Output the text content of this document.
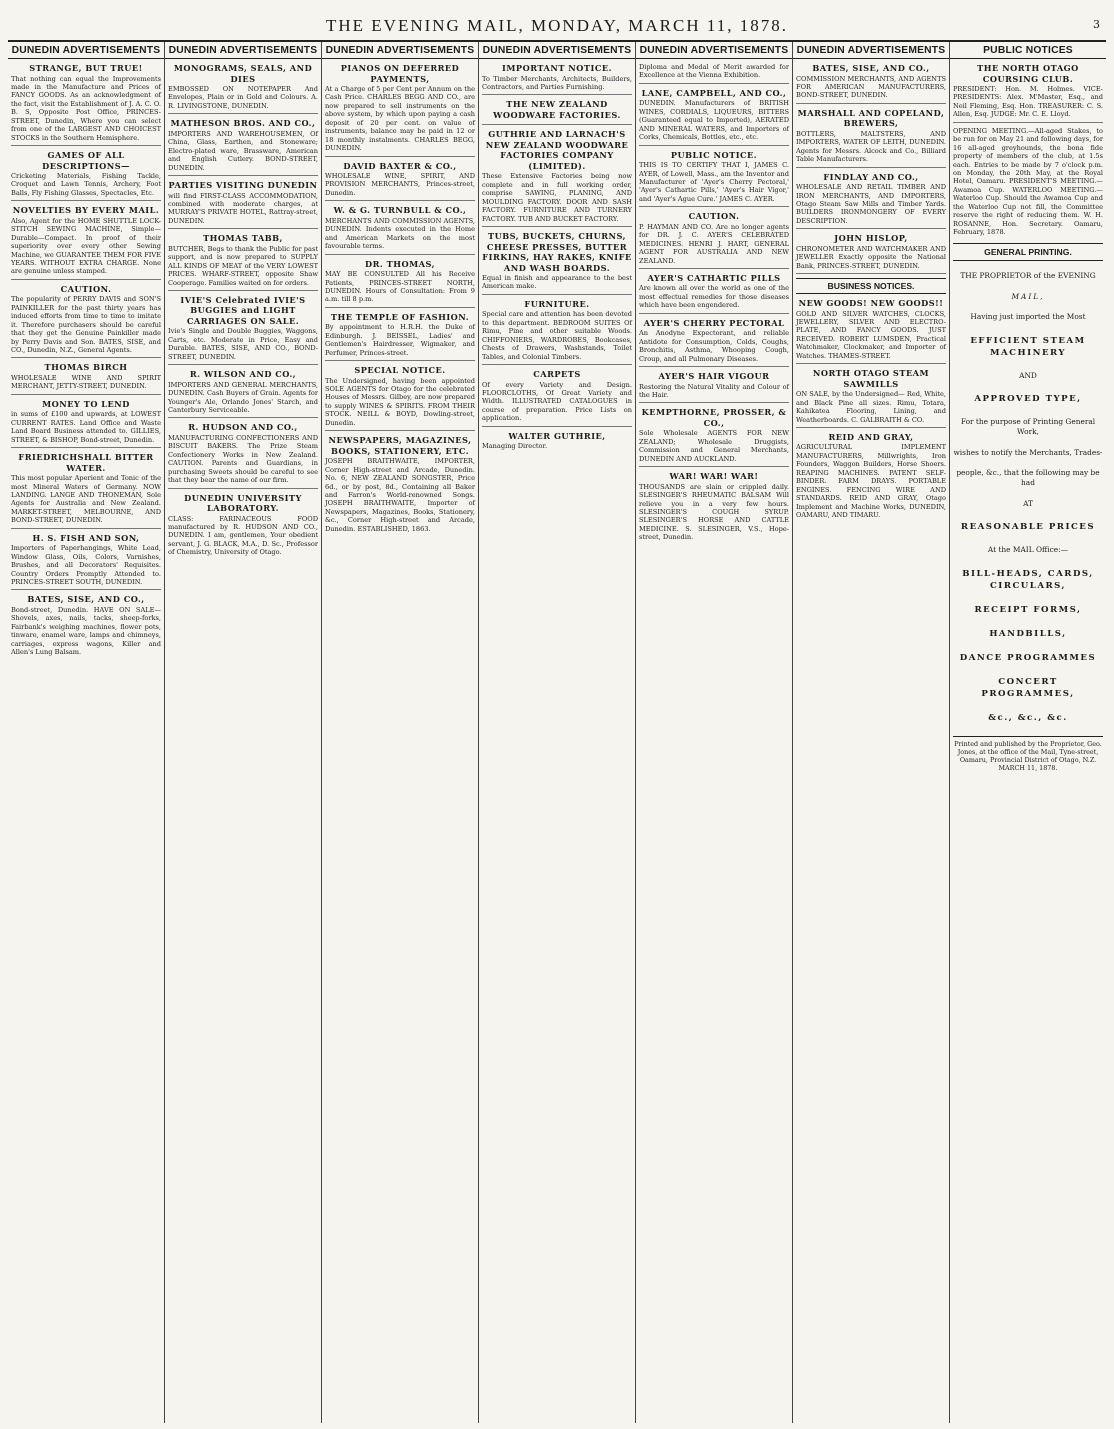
THE EVENING MAIL, MONDAY, MARCH 11, 1878.	3
DUNEDIN ADVERTISEMENTS
STRANGE, BUT TRUE!
That nothing can equal the Improvements made in the Manufacture and Prices of FANCY GOODS. As an acknowledgment of the fact, visit the Establishment of J. A. C. O. B. S, Opposite Post Office, PRINCES-STREET, Dunedin, Where you can select from one of the LARGEST AND CHOICEST STOCKS in the Southern Hemisphere.
GAMES OF ALL DESCRIPTIONS—
Cricketing Materials, Fishing Tackle, Croquet and Lawn Tennis, Archery, Foot Balls, Fly Fishing Glasses, Spectacles, Etc.
NOVELTIES BY EVERY MAIL.
Also, Agent for the HOME SHUTTLE LOCK-STITCH SEWING MACHINE, Simple—Durable—Compact. In proof of their superiority over every other Sewing Machine, we GUARANTEE THEM FOR FIVE YEARS. WITHOUT EXTRA CHARGE. None are genuine unless stamped.
CAUTION.
The popularity of PERRY DAVIS and SON'S PAINKILLER for the past thirty years has induced efforts from time to time to imitate it. Therefore purchasers should be careful that they get the Genuine Painkiller made by Perry Davis and Son. BATES, SISE, and CO., Dunedin, N.Z., General Agents.
THOMAS BIRCH
WHOLESALE WINE AND SPIRIT MERCHANT, JETTY-STREET, DUNEDIN.
MONEY TO LEND
in sums of £100 and upwards, at LOWEST CURRENT RATES. Land Office and Waste Land Board Business attended to. GILLIES, STREET, & BISHOP, Bond-street, Dunedin.
FRIEDRICHSHALL BITTER WATER.
This most popular Aperient and Tonic of the most Mineral Waters of Germany. NOW LANDING. LANGE AND THONEMAN, Sole Agents for Australia and New Zealand. MARKET-STREET, MELBOURNE, AND BOND-STREET, DUNEDIN.
H. S. FISH AND SON,
Importers of Paperhangings, White Lead, Window Glass, Oils, Colors, Varnishes, Brushes, and all Decorators' Requisites. Country Orders Promptly Attended to. PRINCES-STREET SOUTH, DUNEDIN.
BATES, SISE, AND CO.,
Bond-street, Dunedin. HAVE ON SALE— Shovels, axes, nails, tacks, sheep-forks, Fairbank's weighing machines, flower pots, tinware, enamel ware, lamps and chimneys, carriages, express wagons, Killer and Allen's Lung Balsam.
DUNEDIN ADVERTISEMENTS
MONOGRAMS, SEALS, AND DIES
EMBOSSED ON NOTEPAPER And Envelopes, Plain or in Gold and Colours. A. R. LIVINGSTONE, DUNEDIN.
MATHESON BROS. AND CO.,
IMPORTERS AND WAREHOUSEMEN, Of China, Glass, Earthen, and Stoneware; Electro-plated ware, Brassware, American and English Cutlery. BOND-STREET, DUNEDIN.
PARTIES VISITING DUNEDIN
will find FIRST-CLASS ACCOMMODATION, combined with moderate charges, at MURRAY'S PRIVATE HOTEL, Rattray-street, DUNEDIN.
THOMAS TABB,
BUTCHER, Begs to thank the Public for past support, and is now prepared to SUPPLY ALL KINDS OF MEAT of the VERY LOWEST PRICES. WHARF-STREET, opposite Shaw Cooperage. Families waited on for orders.
IVIE'S Celebrated IVIE'S BUGGIES and LIGHT CARRIAGES ON SALE.
Ivie's Single and Double Buggies, Waggons, Carts, etc. Moderate in Price, Easy and Durable. BATES, SISE, AND CO., BOND-STREET, DUNEDIN.
R. WILSON AND CO.,
IMPORTERS AND GENERAL MERCHANTS, DUNEDIN. Cash Buyers of Grain. Agents for Younger's Ale, Orlando Jones' Starch, and Canterbury Serviceable.
R. HUDSON AND CO.,
MANUFACTURING CONFECTIONERS AND BISCUIT BAKERS. The Prize Steam Confectionery Works in New Zealand. CAUTION. Parents and Guardians, in purchasing Sweets should be careful to see that they bear the name of our firm.
DUNEDIN UNIVERSITY LABORATORY.
CLASS: FARINACEOUS FOOD manufactured by R. HUDSON AND CO., DUNEDIN. I am, gentlemen, Your obedient servant, J. G. BLACK, M.A., D. Sc., Professor of Chemistry, University of Otago.
DUNEDIN ADVERTISEMENTS
PIANOS ON DEFERRED PAYMENTS,
At a Charge of 5 per Cent per Annum on the Cash Price. CHARLES BEGG AND CO., are now prepared to sell instruments on the above system, by which upon paying a cash deposit of 20 per cent. on value of instruments, balance may be paid in 12 or 18 monthly instalments. CHARLES BEGG, DUNEDIN.
DAVID BAXTER & CO.,
WHOLESALE WINE, SPIRIT, AND PROVISION MERCHANTS, Princes-street, Dunedin.
W. & G. TURNBULL & CO.,
MERCHANTS AND COMMISSION AGENTS, DUNEDIN. Indents executed in the Home and American Markets on the most favourable terms.
DR. THOMAS,
MAY BE CONSULTED All his Receive Patients, PRINCES-STREET NORTH, DUNEDIN. Hours of Consultation: From 9 a.m. till 8 p.m.
THE TEMPLE OF FASHION.
By appointment to H.R.H. the Duke of Edinburgh. J. BEISSEL, Ladies' and Gentlemen's Hairdresser, Wigmaker, and Perfumer, Princes-street.
SPECIAL NOTICE.
The Undersigned, having been appointed SOLE AGENTS for Otago for the celebrated Houses of Messrs. Gilbey, are now prepared to supply WINES & SPIRITS. FROM THEIR STOCK. NEILL & BOYD, Dowling-street, Dunedin.
NEWSPAPERS, MAGAZINES, BOOKS, STATIONERY, ETC.
JOSEPH BRAITHWAITE, IMPORTER, Corner High-street and Arcade, Dunedin. No. 6, NEW ZEALAND SONGSTER, Price 6d., or by post, 8d., Containing all Baker and Farron's World-renowned Songs. JOSEPH BRAITHWAITE, Importer of Newspapers, Magazines, Books, Stationery, &c., Corner High-street and Arcade, Dunedin. ESTABLISHED, 1863.
DUNEDIN ADVERTISEMENTS
IMPORTANT NOTICE.
To Timber Merchants, Architects, Builders, Contractors, and Parties Furnishing.
THE NEW ZEALAND WOODWARE FACTORIES.
GUTHRIE AND LARNACH'S NEW ZEALAND WOODWARE FACTORIES COMPANY (LIMITED).
These Extensive Factories being now complete and in full working order, comprise SAWING, PLANING, AND MOULDING FACTORY. DOOR AND SASH FACTORY. FURNITURE AND TURNERY FACTORY. TUB AND BUCKET FACTORY.
TUBS, BUCKETS, CHURNS, CHEESE PRESSES, BUTTER FIRKINS, HAY RAKES, KNIFE AND WASH BOARDS.
Equal in finish and appearance to the best American make.
FURNITURE.
Special care and attention has been devoted to this department. BEDROOM SUITES Of Rimu, Pine and other suitable Woods. CHIFFONIERS, WARDROBES, Bookcases, Chests of Drawers, Washstands, Toilet Tables, and Colonial Timbers.
CARPETS
Of every Variety and Design. FLOORCLOTHS, Of Great Variety and Width. ILLUSTRATED CATALOGUES in course of preparation. Price Lists on application.
WALTER GUTHRIE,
Managing Director.
DUNEDIN ADVERTISEMENTS
Diploma and Medal of Merit awarded for Excellence at the Vienna Exhibition.
LANE, CAMPBELL, AND CO.,
DUNEDIN. Manufacturers of BRITISH WINES, CORDIALS, LIQUEURS, BITTERS (Guaranteed equal to Imported), AERATED AND MINERAL WATERS, and Importers of Corks, Chemicals, Bottles, etc., etc.
PUBLIC NOTICE.
THIS IS TO CERTIFY THAT I, JAMES C. AYER, of Lowell, Mass., am the Inventor and Manufacturer of 'Ayer's Cherry Pectoral,' 'Ayer's Cathartic Pills,' 'Ayer's Hair Vigor,' and 'Ayer's Ague Cure.' JAMES C. AYER.
CAUTION.
P. HAYMAN AND CO. Are no longer agents for DR. J. C. AYER'S CELEBRATED MEDICINES. HENRI J. HART, GENERAL AGENT FOR AUSTRALIA AND NEW ZEALAND.
AYER'S CATHARTIC PILLS
Are known all over the world as one of the most effectual remedies for those diseases which have been engendered.
AYER'S CHERRY PECTORAL
An Anodyne Expectorant, and reliable Antidote for Consumption, Colds, Coughs, Bronchitis, Asthma, Whooping Cough, Croup, and all Pulmonary Diseases.
AYER'S HAIR VIGOUR
Restoring the Natural Vitality and Colour of the Hair.
KEMPTHORNE, PROSSER, & CO.,
Sole Wholesale AGENTS FOR NEW ZEALAND; Wholesale Druggists, Commission and General Merchants, DUNEDIN AND AUCKLAND.
WAR! WAR! WAR!
THOUSANDS are slain or crippled daily. SLESINGER'S RHEUMATIC BALSAM Will relieve you in a very few hours. SLESINGER'S COUGH SYRUP. SLESINGER'S HORSE AND CATTLE MEDICINE. S. SLESINGER, V.S., Hope-street, Dunedin.
DUNEDIN ADVERTISEMENTS
BATES, SISE, AND CO.,
COMMISSION MERCHANTS, AND AGENTS FOR AMERICAN MANUFACTURERS, BOND-STREET, DUNEDIN.
MARSHALL AND COPELAND, BREWERS,
BOTTLERS, MALTSTERS, AND IMPORTERS, WATER OF LEITH, DUNEDIN. Agents for Messrs. Alcock and Co., Billiard Table Manufacturers.
FINDLAY AND CO.,
WHOLESALE AND RETAIL TIMBER AND IRON MERCHANTS, AND IMPORTERS, Otago Steam Saw Mills and Timber Yards. BUILDERS IRONMONGERY OF EVERY DESCRIPTION.
JOHN HISLOP,
CHRONOMETER AND WATCHMAKER AND JEWELLER Exactly opposite the National Bank, PRINCES-STREET, DUNEDIN.
BUSINESS NOTICES.
NEW GOODS! NEW GOODS!!
GOLD AND SILVER WATCHES, CLOCKS, JEWELLERY, SILVER AND ELECTRO-PLATE, AND FANCY GOODS. JUST RECEIVED. ROBERT LUMSDEN, Practical Watchmaker, Clockmaker, and Importer of Watches. THAMES-STREET.
NORTH OTAGO STEAM SAWMILLS
ON SALE, by the Undersigned— Red, White, and Black Pine all sizes. Rimu, Totara, Kahikatea Flooring, Lining, and Weatherboards. C. GALBRAITH & CO.
REID AND GRAY,
AGRICULTURAL IMPLEMENT MANUFACTURERS, Millwrights, Iron Founders, Waggon Builders, Horse Shoers. REAPING MACHINES. PATENT SELF-BINDER. FARM DRAYS. PORTABLE ENGINES. FENCING WIRE AND STANDARDS. REID AND GRAY, Otago Implement and Machine Works, DUNEDIN, OAMARU, AND TIMARU.
PUBLIC NOTICES
THE NORTH OTAGO COURSING CLUB.
PRESIDENT: Hon. M. Holmes. VICE-PRESIDENTS: Alex. M'Master, Esq., and Neil Fleming, Esq. Hon. TREASURER: C. S. Allen, Esq. JUDGE: Mr. C. E. Lloyd.
OPENING MEETING.—All-aged Stakes, to be run for on May 21 and following days, for 16 all-aged greyhounds, the bona fide property of members of the club, at 1.5s each. Entries to be made by 7 o'clock p.m. on Monday, the 20th May, at the Royal Hotel, Oamaru. PRESIDENT'S MEETING.—Awamoa Cup. WATERLOO MEETING.—Waterloo Cup. Should the Awamoa Cup and the Waterloo Cup not fill, the Committee reserve the right of reducing them. W. H. ROSANNE, Hon. Secretary. Oamaru, February, 1878.
GENERAL PRINTING.

THE PROPRIETOR of the EVENING

MAIL,

Having just imported the Most

EFFICIENT STEAM MACHINERY

AND

APPROVED TYPE,

For the purpose of Printing General Work,

wishes to notify the Merchants, Trades-

people, &c., that the following may be had

AT

REASONABLE PRICES

At the MAIL Office:—

BILL-HEADS, CARDS, CIRCULARS,
RECEIPT FORMS,
HANDBILLS,
DANCE PROGRAMMES
CONCERT PROGRAMMES,
&c., &c., &c.
Printed and published by the Proprietor, Geo. Jones, at the office of the Mail, Tyne-street, Oamaru, Provincial District of Otago, N.Z.
MARCH 11, 1878.
